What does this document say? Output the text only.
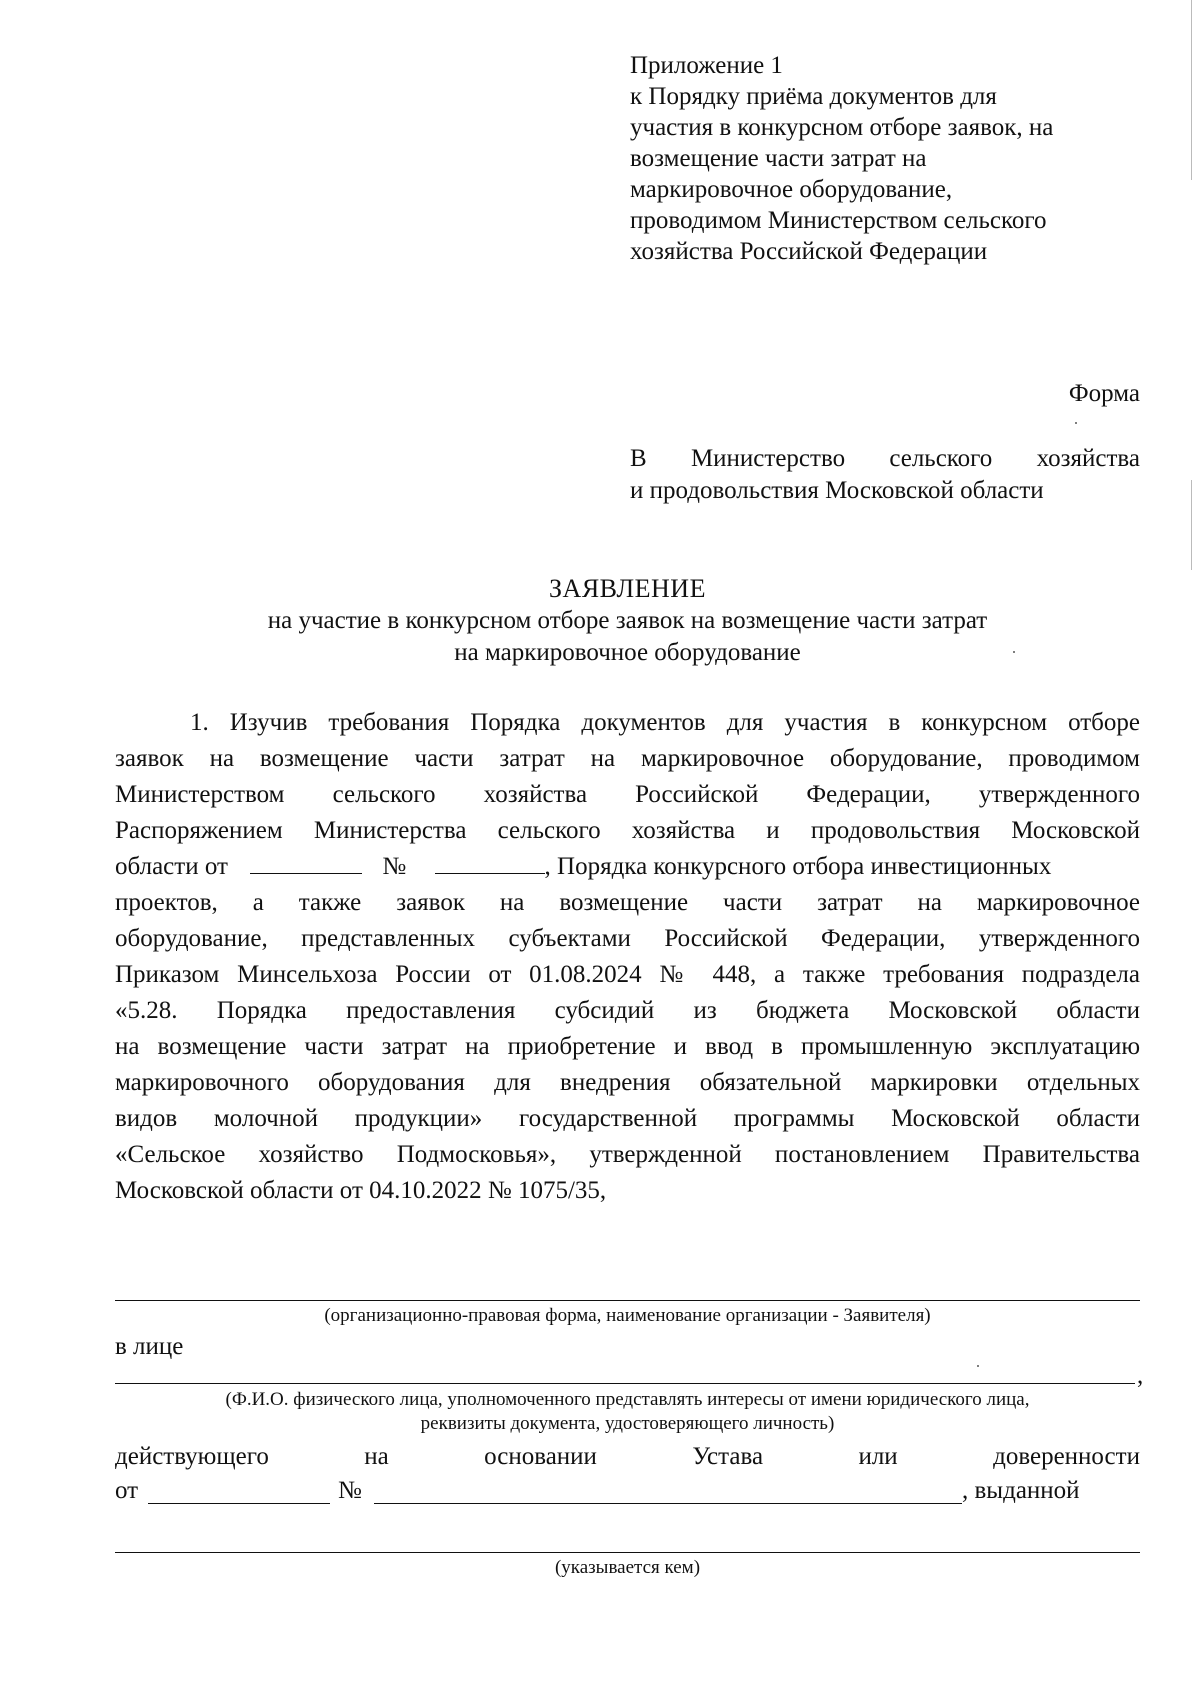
Приложение 1
к Порядку приёма документов для
участия в конкурсном отборе заявок, на
возмещение части затрат на
маркировочное оборудование,
проводимом Министерством сельского
хозяйства Российской Федерации
Форма
В Министерство сельского хозяйства
и продовольствия Московской области
ЗАЯВЛЕНИЕ
на участие в конкурсном отборе заявок на возмещение части затрат
на маркировочное оборудование
1. Изучив требования Порядка документов для участия в конкурсном отборе
заявок на возмещение части затрат на маркировочное оборудование, проводимом
Министерством сельского хозяйства Российской Федерации, утвержденного
Распоряжением Министерства сельского хозяйства и продовольствия Московской
области от	№	, Порядка конкурсного отбора инвестиционных
проектов, а также заявок на возмещение части затрат на маркировочное
оборудование, представленных субъектами Российской Федерации, утвержденного
Приказом Минсельхоза России от 01.08.2024 № 448, а также требования подраздела
«5.28. Порядка предоставления субсидий из бюджета Московской области
на возмещение части затрат на приобретение и ввод в промышленную эксплуатацию
маркировочного оборудования для внедрения обязательной маркировки отдельных
видов молочной продукции» государственной программы Московской области
«Сельское хозяйство Подмосковья», утвержденной постановлением Правительства
Московской области от 04.10.2022 № 1075/35,
(организационно-правовая форма, наименование организации - Заявителя)
в лице
,
(Ф.И.О. физического лица, уполномоченного представлять интересы от имени юридического лица,
реквизиты документа, удостоверяющего личность)
действующего	на	основании	Устава	или	доверенности
от	№	, выданной
(указывается кем)
